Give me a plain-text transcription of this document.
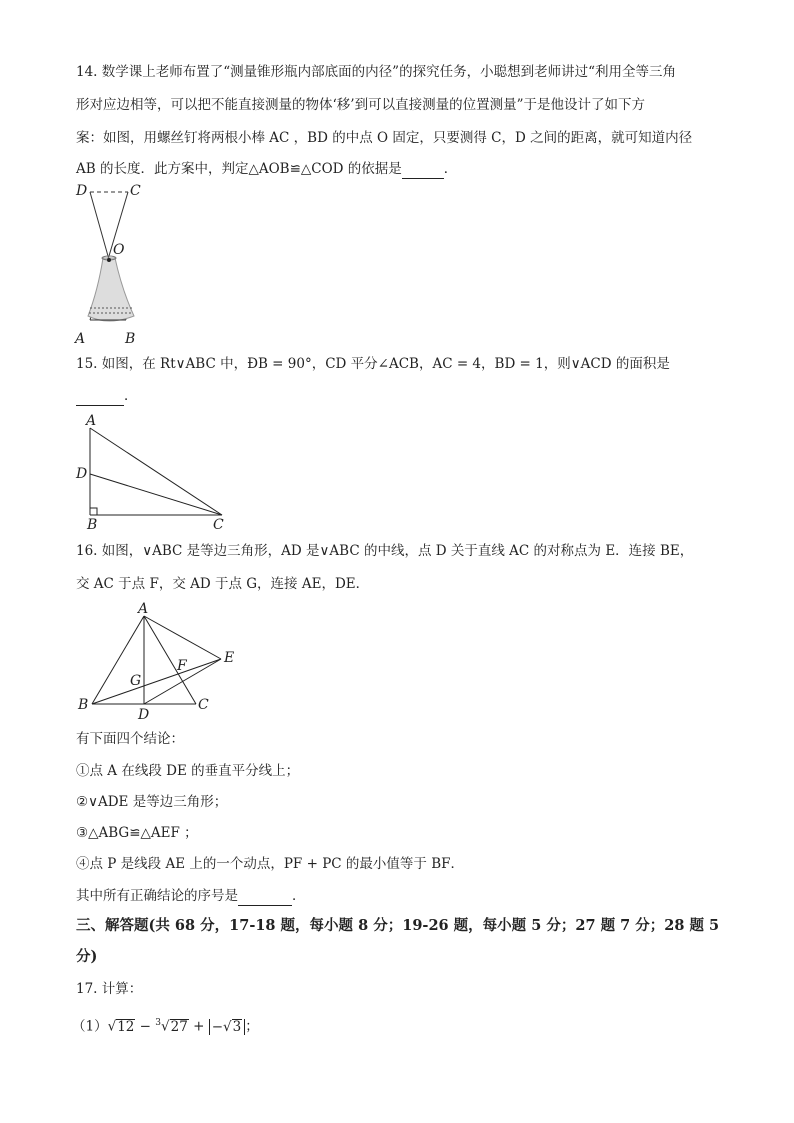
14. 数学课上老师布置了“测量锥形瓶内部底面的内径”的探究任务，小聪想到老师讲过“利用全等三角
形对应边相等，可以把不能直接测量的物体‘移’到可以直接测量的位置测量”于是他设计了如下方
案：如图，用螺丝钉将两根小棒 AC ，BD 的中点 O 固定，只要测得 C，D 之间的距离，就可知道内径
AB 的长度．此方案中，判定△AOB≌△COD 的依据是	．
D	C
O
A	B
15. 如图，在 Rt∨ABC 中，ÐB = 90°，CD 平分∠ACB，AC = 4，BD = 1，则∨ACD 的面积是
．
A
D
B	C
16. 如图，∨ABC 是等边三角形，AD 是∨ABC 的中线，点 D 关于直线 AC 的对称点为 E．连接 BE，
交 AC 于点 F，交 AD 于点 G，连接 AE，DE．
A
E
F
G
B
D
C
有下面四个结论：
①点 A 在线段 DE 的垂直平分线上；
②∨ADE 是等边三角形；
③△ABG≌△AEF ；
④点 P 是线段 AE 上的一个动点，PF + PC 的最小值等于 BF．
其中所有正确结论的序号是	．
三、解答题(共 68 分，17-18 题，每小题 8 分；19-26 题，每小题 5 分；27 题 7 分；28 题 5
分)
17. 计算：
（1）√12 − $^3$√27 + −√3 ；
